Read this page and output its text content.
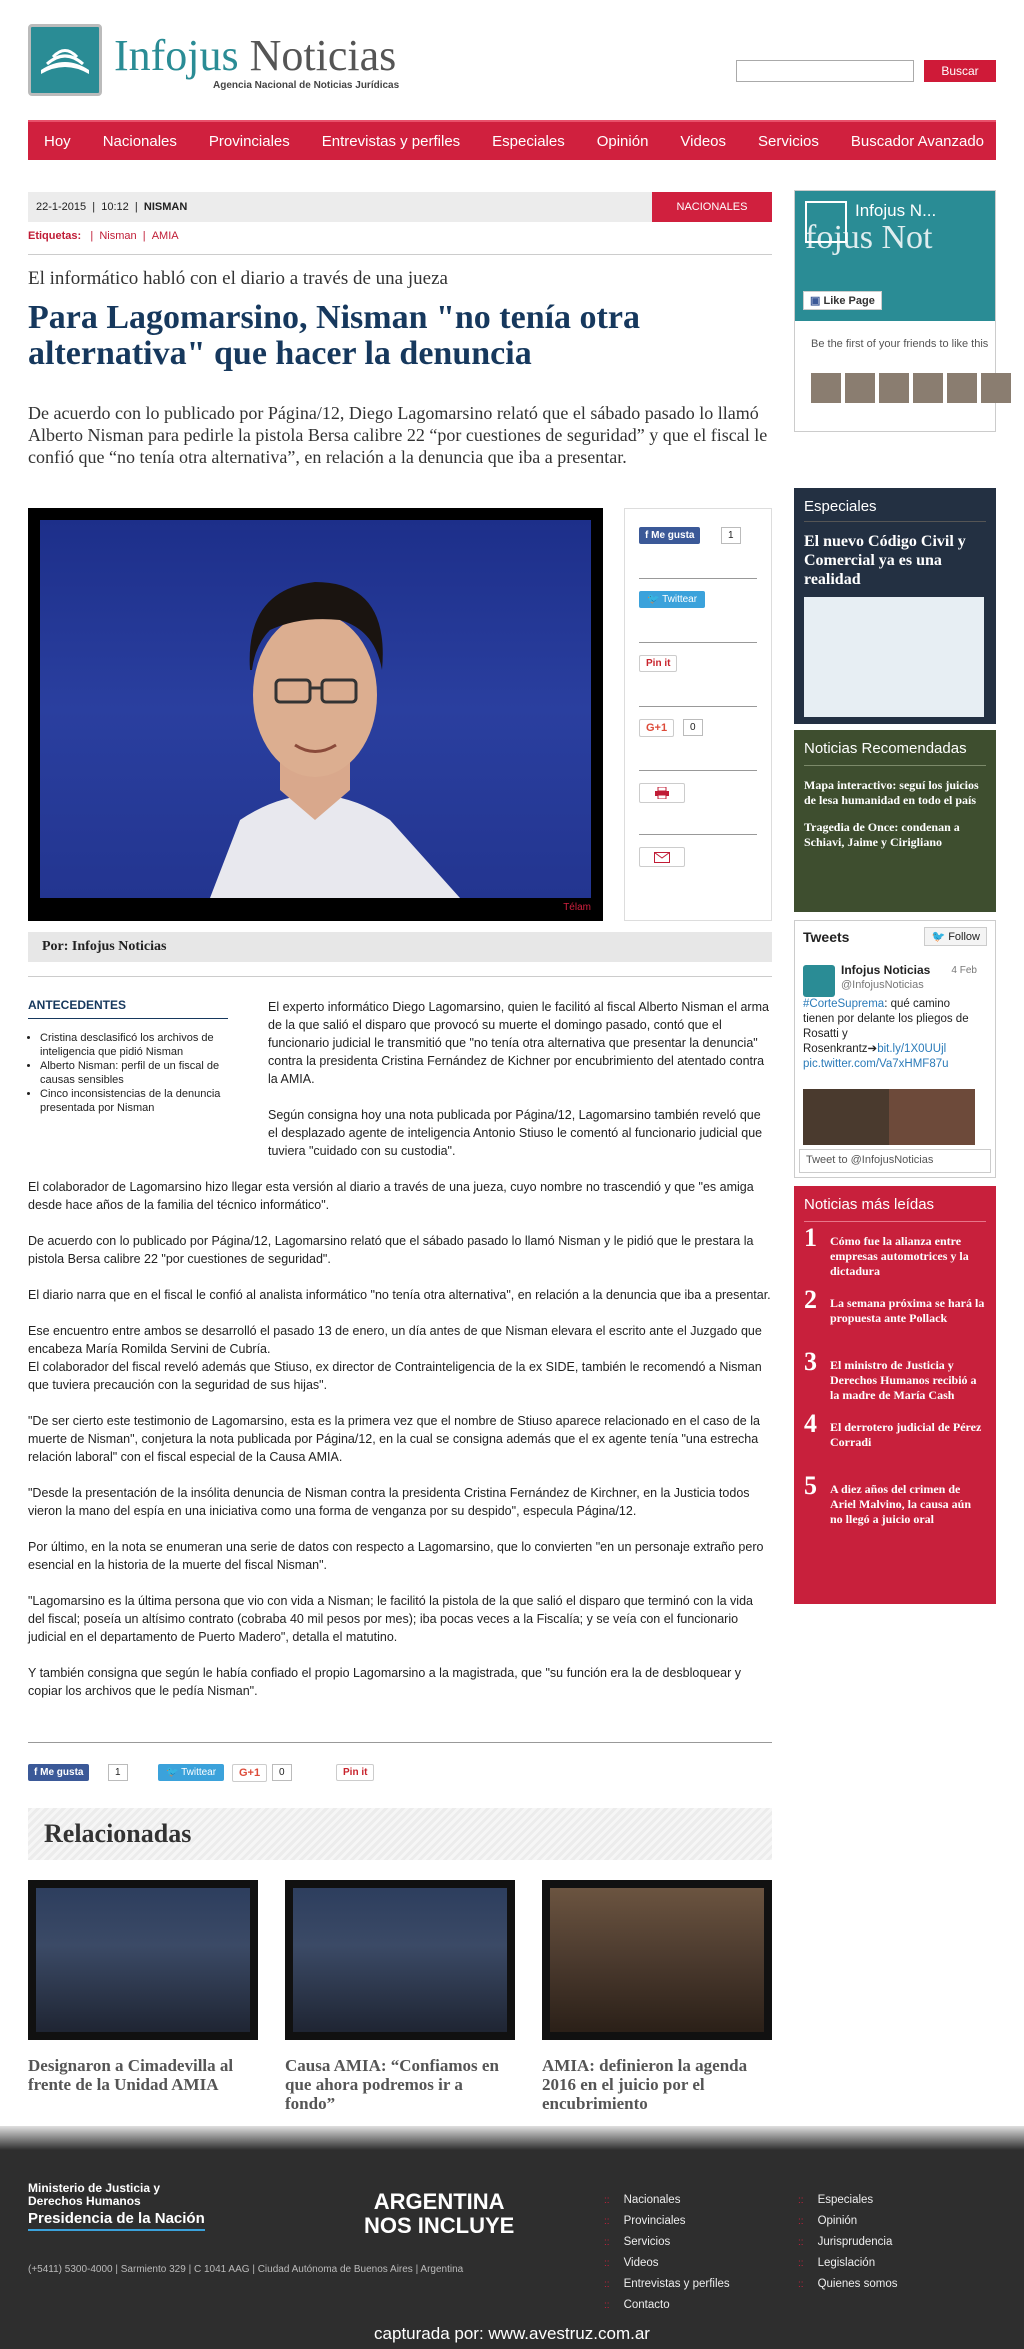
Infojus Noticias
Agencia Nacional de Noticias Jurídicas
Buscar
Hoy	Nacionales	Provinciales	Entrevistas y perfiles	Especiales	Opinión	Videos	Servicios	Buscador Avanzado
22-1-2015 | 10:12 | NISMAN	NACIONALES
Etiquetas:   |  Nisman  |  AMIA
El informático habló con el diario a través de una jueza
Para Lagomarsino, Nisman "no tenía otra alternativa" que hacer la denuncia
De acuerdo con lo publicado por Página/12, Diego Lagomarsino relató que el sábado pasado lo llamó Alberto Nisman para pedirle la pistola Bersa calibre 22 “por cuestiones de seguridad” y que el fiscal le confió que “no tenía otra alternativa”, en relación a la denuncia que iba a presentar.
Télam
f Me gusta	1
🐦 Twittear
Pin it
G+1	0
Por: Infojus Noticias

El experto informático Diego Lagomarsino, quien le facilitó al fiscal Alberto Nisman el arma de la que salió el disparo que provocó su muerte el domingo pasado, contó que el funcionario judicial le transmitió que "no tenía otra alternativa que presentar la denuncia" contra la presidenta Cristina Fernández de Kichner por encubrimiento del atentado contra la AMIA.

Según consigna hoy una nota publicada por Página/12, Lagomarsino también reveló que el desplazado agente de inteligencia Antonio Stiuso le comentó al funcionario judicial que tuviera "cuidado con su custodia".

El colaborador de Lagomarsino hizo llegar esta versión al diario a través de una jueza, cuyo nombre no trascendió y que "es amiga desde hace años de la familia del técnico informático".

De acuerdo con lo publicado por Página/12, Lagomarsino relató que el sábado pasado lo llamó Nisman y le pidió que le prestara la pistola Bersa calibre 22 "por cuestiones de seguridad".

El diario narra que en el fiscal le confió al analista informático "no tenía otra alternativa", en relación a la denuncia que iba a presentar.

Ese encuentro entre ambos se desarrolló el pasado 13 de enero, un día antes de que Nisman elevara el escrito ante el Juzgado que encabeza María Romilda Servini de Cubría.

El colaborador del fiscal reveló además que Stiuso, ex director de Contrainteligencia de la ex SIDE, también le recomendó a Nisman que tuviera precaución con la seguridad de sus hijas".

"De ser cierto este testimonio de Lagomarsino, esta es la primera vez que el nombre de Stiuso aparece relacionado en el caso de la muerte de Nisman", conjetura la nota publicada por Página/12, en la cual se consigna además que el ex agente tenía "una estrecha relación laboral" con el fiscal especial de la Causa AMIA.

"Desde la presentación de la insólita denuncia de Nisman contra la presidenta Cristina Fernández de Kirchner, en la Justicia todos vieron la mano del espía en una iniciativa como una forma de venganza por su despido", especula Página/12.

Por último, en la nota se enumeran una serie de datos con respecto a Lagomarsino, que lo convierten "en un personaje extraño pero esencial en la historia de la muerte del fiscal Nisman".

"Lagomarsino es la última persona que vio con vida a Nisman; le facilitó la pistola de la que salió el disparo que terminó con la vida del fiscal; poseía un altísimo contrato (cobraba 40 mil pesos por mes); iba pocas veces a la Fiscalía; y se veía con el funcionario judicial en el departamento de Puerto Madero", detalla el matutino.

Y también consigna que según le había confiado el propio Lagomarsino a la magistrada, que "su función era la de desbloquear y copiar los archivos que le pedía Nisman".

ANTECEDENTES
• Cristina desclasificó los archivos de inteligencia que pidió Nisman
• Alberto Nisman: perfil de un fiscal de causas sensibles
• Cinco inconsistencias de la denuncia presentada por Nisman
f Me gusta	1	🐦 Twittear	G+1	0	Pin it
Relacionadas
Designaron a Cimadevilla al frente de la Unidad AMIA
Causa AMIA: “Confiamos en que ahora podremos ir a fondo”
AMIA: definieron la agenda 2016 en el juicio por el encubrimiento
fojus Not
Infojus N...
▣ Like Page
Be the first of your friends to like this
Especiales
El nuevo Código Civil y Comercial ya es una realidad
Noticias Recomendadas
Mapa interactivo: seguí los juicios de lesa humanidad en todo el país
Tragedia de Once: condenan a Schiavi, Jaime y Cirigliano
Tweets	🐦 Follow
Infojus Noticias
@InfojusNoticias
4 Feb
#CorteSuprema: qué camino tienen por delante los pliegos de Rosatti y Rosenkrantz➔bit.ly/1X0UUjl pic.twitter.com/Va7xHMF87u
Tweet to @InfojusNoticias
Noticias más leídas
1 Cómo fue la alianza entre empresas automotrices y la dictadura
2 La semana próxima se hará la propuesta ante Pollack
3 El ministro de Justicia y Derechos Humanos recibió a la madre de María Cash
4 El derrotero judicial de Pérez Corradi
5 A diez años del crimen de Ariel Malvino, la causa aún no llegó a juicio oral
Ministerio de Justicia y Derechos Humanos
Presidencia de la Nación
ARGENTINA
NOS INCLUYE
(+5411) 5300-4000 | Sarmiento 329 | C 1041 AAG | Ciudad Autónoma de Buenos Aires | Argentina
:: Nacionales
:: Provinciales
:: Servicios
:: Videos
:: Entrevistas y perfiles
:: Contacto
:: Especiales
:: Opinión
:: Jurisprudencia
:: Legislación
:: Quienes somos
capturada por: www.avestruz.com.ar
